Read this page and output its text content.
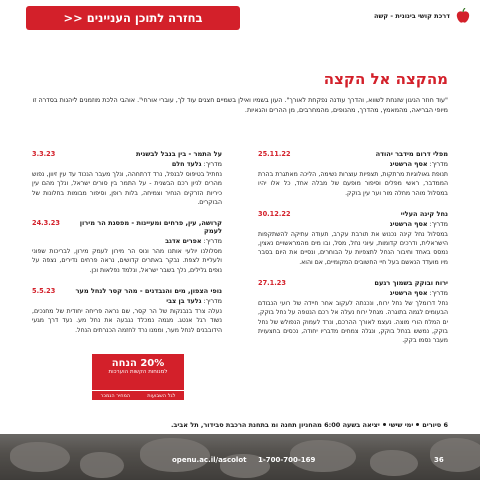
בחזרה לתוכן העניינים <<	דרכת קושי בינונית - קשה
מהקצה אל הקצה
"עוד חוזר הניגון שזנחת לשווא, והדרך עודנה נפקחת לאורך". העון בשמיו ואילן בשמיים חצנים עוד לך, עוברי אורחי". אוהבי הלכת מוזמנים ליהנות בסדרה זו מיופי הבריאה, מהמאמץ, מהדרך, מהנופים, מהמחרבים, מן ההרים והגאיות.
25.11.22	מפלי דרום מידבר יהודה
מדריך: אסף הרשטיג
תנופת גאולוגיות מרתקות, תצפיות עוצרות נשימה, הליכה מאתגרת בהרת הממדבר, ראשי מפלים וסיפור מופעם של מבלה אחד, כל אלו יהיו במסלול מוהר מחלה מור וער עין בוקק.
30.12.22	נחל קינה העליי
מדריך: אסף הרשטיג
במסלול נחל קינה נכנוש את תורבת עקרב, תעודה עתיקה להשתקפות הישראלית, ודרכים קדומות, עיוני נחל, מסל, ובו מים מהמראשויים נאצין, נמסס באחד וחיבור הנחל לתצפיות על הבוחרים, ונסיים את היום בסבר מיו מועדד הנאשם בעל חיי החשובים המקומיים, אם והוא.
27.1.23	ירוח ובוקק בשמוך רגעם
מדריך: אסף הרשטיג
נחל דרומלך של נחל ירוח, ונכנתה לעקוב אחר חיידה של רועי הנבודם הבעומים לגמה בתוגרה. מגחל ירוח נעלה אל רכם הנטפה על נחל בוקק, ים המלח הורי מוצה. נעצמ לאורך ההרכם, ונרד לעמוק הנפולש של נחל בוקק, נמשש בנחל בוקק, ונגלה צמחים מדבריו יחודה, נכסים בחצעוית מעבר נסמו בקק.
3.3.23	על התמר - בין בנבל לבשנית
מדריך: גלעד חלם
נחתיל בטיפוס לבנפל, נרד דרתחהה, ונלך מעבר הנכוד עד עין זיוון, נפוש מהרים לניון רכם הבשנית - על התמר בין סורים ישראל, ונלך מהם עין כיריות הזרקים הנחיר וצמיחה, בלות רופן, וסיפור מבומות בחלונות של הבוקרים.
24.3.23	קרושה, עין, פרחים ומעיינות - מפסגת הר מירון לעמק
מדריך: אפרים אדגב
מסלולנו יולעי אותנו מהר ונוס הר מירון לעמק מירון, לבריכות שפוני ולעליית לצפת. נבקר באתרים קדושים, נראה פרחים נדירים, נצפה על נופים גלילים, נלך בשבר ישראל, ונלמד נפלאות וכן.
5.5.23	נופי הצפון, מים והנבדנים - מהר קסר לנחל מער
מדריך: גלעד בן צבי
נעלה צרד בנבנקות של הר קסר, שם נראה פריחה יחודית של מחנכים, נשוד רגל אנטג. מגמה נמכלד נגבעה את נחל מע. נעד דרך מגעי הידובבנים לנחל מער, וממנו נרד לחזמה הכנרתים הנחל.
20% הנחה
למנוחות הקשות הוערכות
לגל השבועות
המחיר הנמכר
6 סיוריםימי שישייציאה בשעה 6:00 מהחניון תחנה ומ בתחנת הרכבת סבידור, תל אביב.
openu.ac.il/ascolot 1-700-700-169	36
